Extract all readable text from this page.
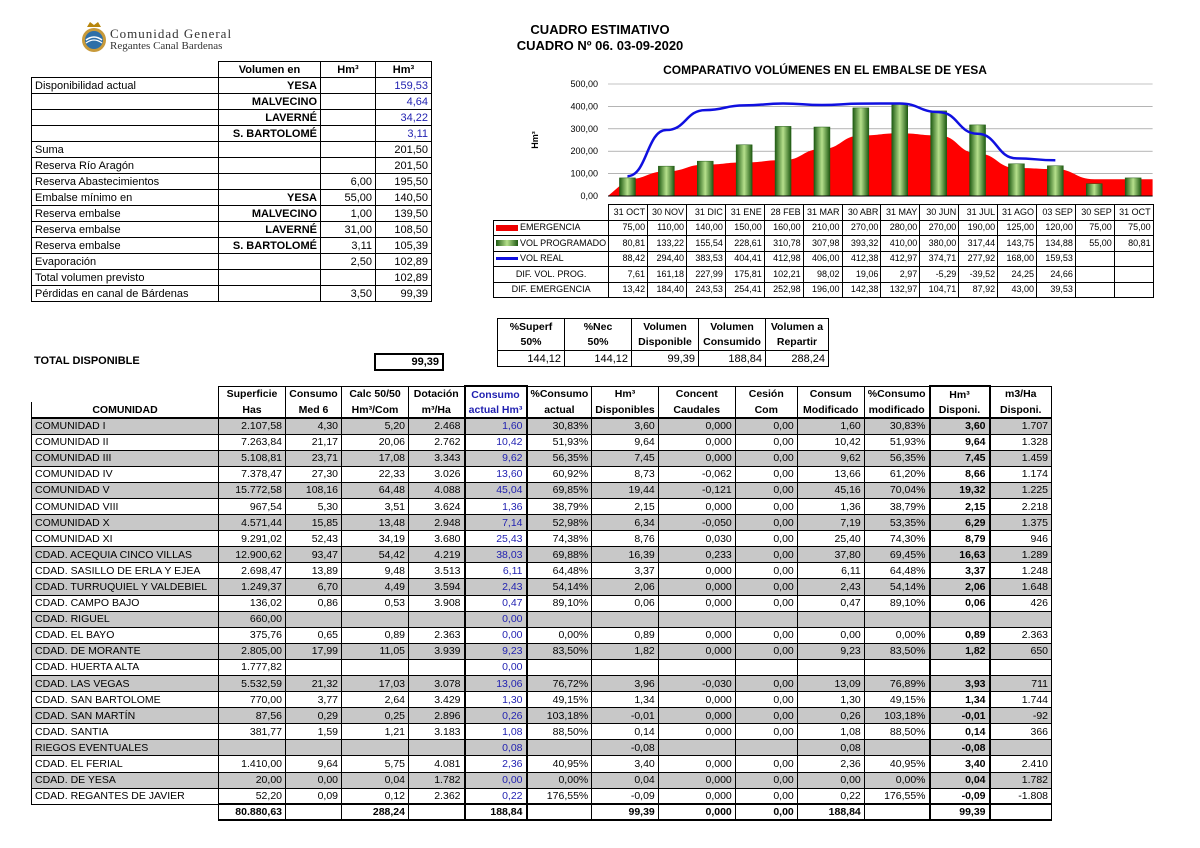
Comunidad General
Regantes Canal Bardenas
CUADRO ESTIMATIVO
CUADRO Nº 06. 03-09-2020
	Volumen en	Hm³	Hm³
Disponibilidad actual	YESA		159,53
	MALVECINO		4,64
	LAVERNÉ		34,22
	S. BARTOLOMÉ		3,11
Suma			201,50
Reserva Río Aragón			201,50
Reserva Abastecimientos		6,00	195,50
Embalse mínimo en	YESA	55,00	140,50
Reserva embalse	MALVECINO	1,00	139,50
Reserva embalse	LAVERNÉ	31,00	108,50
Reserva embalse	S. BARTOLOMÉ	3,11	105,39
Evaporación		2,50	102,89
Total volumen previsto			102,89
Pérdidas en canal de Bárdenas		3,50	99,39
COMPARATIVO VOLÚMENES EN EL EMBALSE DE YESA
0,00
100,00
200,00
300,00
400,00
500,00
Hm³
	31 OCT	30 NOV	31 DIC	31 ENE	28 FEB	31 MAR	30 ABR	31 MAY	30 JUN	31 JUL	31 AGO	03 SEP	30 SEP	31 OCT
EMERGENCIA	75,00	110,00	140,00	150,00	160,00	210,00	270,00	280,00	270,00	190,00	125,00	120,00	75,00	75,00
VOL PROGRAMADO	80,81	133,22	155,54	228,61	310,78	307,98	393,32	410,00	380,00	317,44	143,75	134,88	55,00	80,81
VOL REAL	88,42	294,40	383,53	404,41	412,98	406,00	412,38	412,97	374,71	277,92	168,00	159,53		
DIF. VOL. PROG.	7,61	161,18	227,99	175,81	102,21	98,02	19,06	2,97	-5,29	-39,52	24,25	24,66		
DIF. EMERGENCIA	13,42	184,40	243,53	254,41	252,98	196,00	142,38	132,97	104,71	87,92	43,00	39,53		
%Superf	%Nec	Volumen	Volumen	Volumen a
50%	50%	Disponible	Consumido	Repartir
144,12	144,12	99,39	188,84	288,24
TOTAL DISPONIBLE	99,39
	Superficie	Consumo	Calc 50/50	Dotación	Consumo	%Consumo	Hm³	Concent	Cesión	Consum	%Consumo	Hm³	m3/Ha
COMUNIDAD	Has	Med 6	Hm³/Com	m³/Ha	actual Hm³	actual	Disponibles	Caudales	Com	Modificado	modificado	Disponi.	Disponi.
COMUNIDAD I	2.107,58	4,30	5,20	2.468	1,60	30,83%	3,60	0,000	0,00	1,60	30,83%	3,60	1.707
COMUNIDAD II	7.263,84	21,17	20,06	2.762	10,42	51,93%	9,64	0,000	0,00	10,42	51,93%	9,64	1.328
COMUNIDAD III	5.108,81	23,71	17,08	3.343	9,62	56,35%	7,45	0,000	0,00	9,62	56,35%	7,45	1.459
COMUNIDAD IV	7.378,47	27,30	22,33	3.026	13,60	60,92%	8,73	-0,062	0,00	13,66	61,20%	8,66	1.174
COMUNIDAD V	15.772,58	108,16	64,48	4.088	45,04	69,85%	19,44	-0,121	0,00	45,16	70,04%	19,32	1.225
COMUNIDAD VIII	967,54	5,30	3,51	3.624	1,36	38,79%	2,15	0,000	0,00	1,36	38,79%	2,15	2.218
COMUNIDAD X	4.571,44	15,85	13,48	2.948	7,14	52,98%	6,34	-0,050	0,00	7,19	53,35%	6,29	1.375
COMUNIDAD XI	9.291,02	52,43	34,19	3.680	25,43	74,38%	8,76	0,030	0,00	25,40	74,30%	8,79	946
CDAD. ACEQUIA CINCO VILLAS	12.900,62	93,47	54,42	4.219	38,03	69,88%	16,39	0,233	0,00	37,80	69,45%	16,63	1.289
CDAD. SASILLO DE ERLA Y EJEA	2.698,47	13,89	9,48	3.513	6,11	64,48%	3,37	0,000	0,00	6,11	64,48%	3,37	1.248
CDAD. TURRUQUIEL Y VALDEBIEL	1.249,37	6,70	4,49	3.594	2,43	54,14%	2,06	0,000	0,00	2,43	54,14%	2,06	1.648
CDAD. CAMPO BAJO	136,02	0,86	0,53	3.908	0,47	89,10%	0,06	0,000	0,00	0,47	89,10%	0,06	426
CDAD. RIGUEL	660,00				0,00								
CDAD. EL BAYO	375,76	0,65	0,89	2.363	0,00	0,00%	0,89	0,000	0,00	0,00	0,00%	0,89	2.363
CDAD. DE MORANTE	2.805,00	17,99	11,05	3.939	9,23	83,50%	1,82	0,000	0,00	9,23	83,50%	1,82	650
CDAD. HUERTA ALTA	1.777,82				0,00								
CDAD. LAS VEGAS	5.532,59	21,32	17,03	3.078	13,06	76,72%	3,96	-0,030	0,00	13,09	76,89%	3,93	711
CDAD. SAN BARTOLOME	770,00	3,77	2,64	3.429	1,30	49,15%	1,34	0,000	0,00	1,30	49,15%	1,34	1.744
CDAD. SAN MARTÍN	87,56	0,29	0,25	2.896	0,26	103,18%	-0,01	0,000	0,00	0,26	103,18%	-0,01	-92
CDAD. SANTIA	381,77	1,59	1,21	3.183	1,08	88,50%	0,14	0,000	0,00	1,08	88,50%	0,14	366
RIEGOS EVENTUALES					0,08		-0,08			0,08		-0,08	
CDAD. EL FERIAL	1.410,00	9,64	5,75	4.081	2,36	40,95%	3,40	0,000	0,00	2,36	40,95%	3,40	2.410
CDAD. DE YESA	20,00	0,00	0,04	1.782	0,00	0,00%	0,04	0,000	0,00	0,00	0,00%	0,04	1.782
CDAD. REGANTES DE JAVIER	52,20	0,09	0,12	2.362	0,22	176,55%	-0,09	0,000	0,00	0,22	176,55%	-0,09	-1.808
	80.880,63		288,24		188,84		99,39	0,000	0,00	188,84		99,39	
